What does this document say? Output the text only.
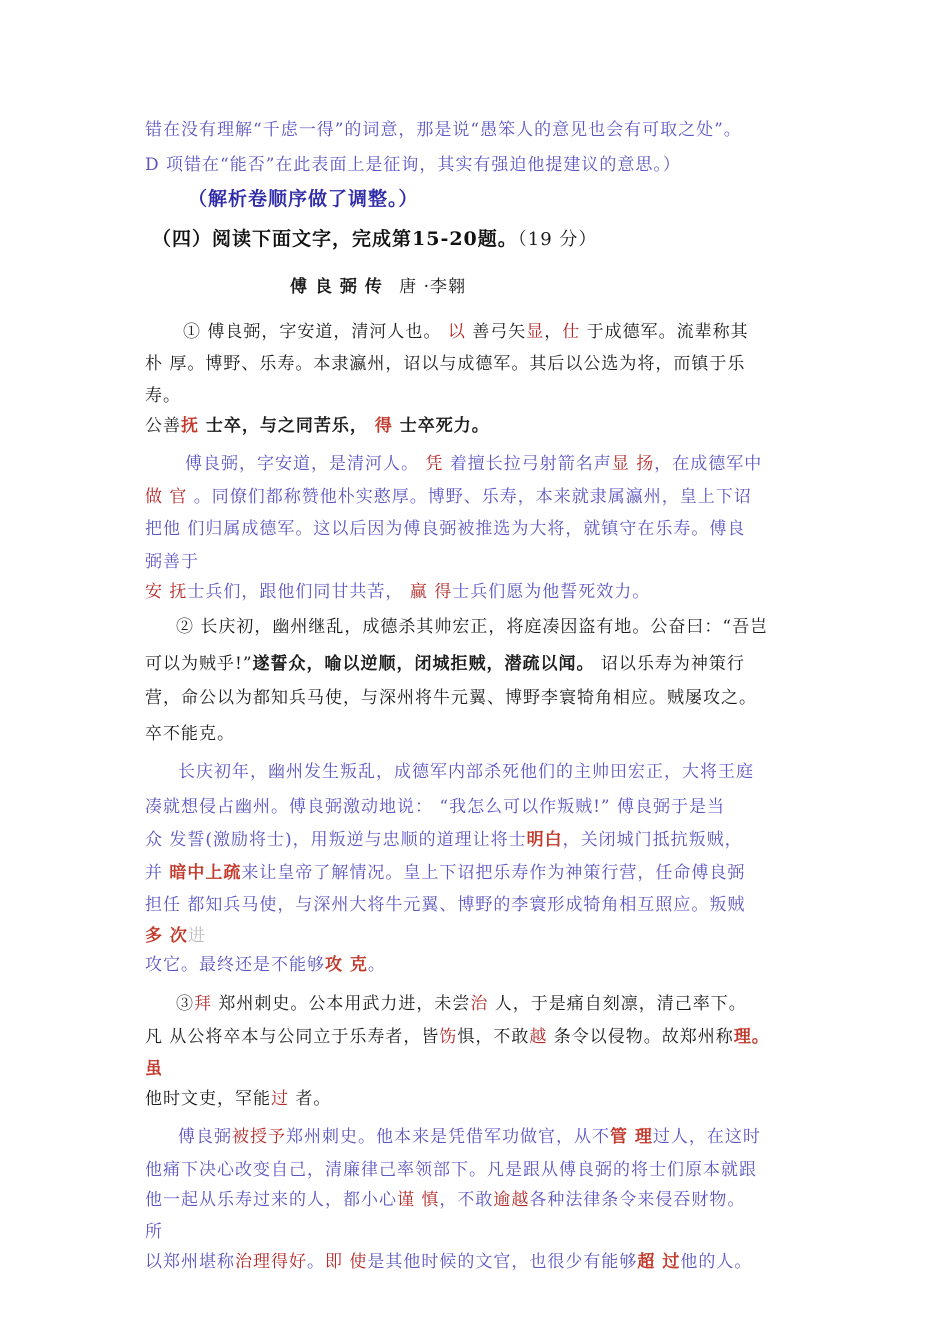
错在没有理解“千虑一得”的词意，那是说“愚笨人的意见也会有可取之处”。
D 项错在“能否”在此表面上是征询，其实有强迫他提建议的意思。）
（解析卷顺序做了调整。）
（四）阅读下面文字，完成第15-20题。（19 分）
傅 良 弼 传 唐 ·李翱
① 傅良弼，字安道，清河人也。 以 善弓矢显，仕 于成德军。流辈称其
朴 厚。博野、乐寿。本隶瀛州，诏以与成德军。其后以公选为将，而镇于乐
寿。
公善抚 士卒，与之同苦乐， 得 士卒死力。
傅良弼，字安道，是清河人。 凭 着擅长拉弓射箭名声显 扬，在成德军中
做 官 。同僚们都称赞他朴实憨厚。博野、乐寿，本来就隶属瀛州，皇上下诏
把他 们归属成德军。这以后因为傅良弼被推选为大将，就镇守在乐寿。傅良
弼善于
安 抚士兵们，跟他们同甘共苦， 赢 得士兵们愿为他誓死效力。
② 长庆初，幽州继乱，成德杀其帅宏正，将庭凑因盗有地。公奋曰：“吾岂
可以为贼乎!”遂誓众，喻以逆顺，闭城拒贼，潜疏以闻。 诏以乐寿为神策行
营，命公以为都知兵马使，与深州将牛元翼、博野李寰犄角相应。贼屡攻之。
卒不能克。
长庆初年，幽州发生叛乱，成德军内部杀死他们的主帅田宏正，大将王庭
凑就想侵占幽州。傅良弼激动地说： “我怎么可以作叛贼!” 傅良弼于是当
众 发誓(激励将士)，用叛逆与忠顺的道理让将士明白，关闭城门抵抗叛贼，
并 暗中上疏来让皇帝了解情况。皇上下诏把乐寿作为神策行营，任命傅良弼
担任 都知兵马使，与深州大将牛元翼、博野的李寰形成犄角相互照应。叛贼
多 次进
攻它。最终还是不能够攻 克。
③拜 郑州刺史。公本用武力进，未尝治 人，于是痛自刻凛，清己率下。
凡 从公将卒本与公同立于乐寿者，皆饬惧，不敢越 条令以侵物。故郑州称理。
虽
他时文吏，罕能过 者。
傅良弼被授予郑州刺史。他本来是凭借军功做官，从不管 理过人，在这时
他痛下决心改变自己，清廉律己率领部下。凡是跟从傅良弼的将士们原本就跟
他一起从乐寿过来的人，都小心谨 慎，不敢逾越各种法律条令来侵吞财物。
所
以郑州堪称治理得好。即 使是其他时候的文官，也很少有能够超 过他的人。
